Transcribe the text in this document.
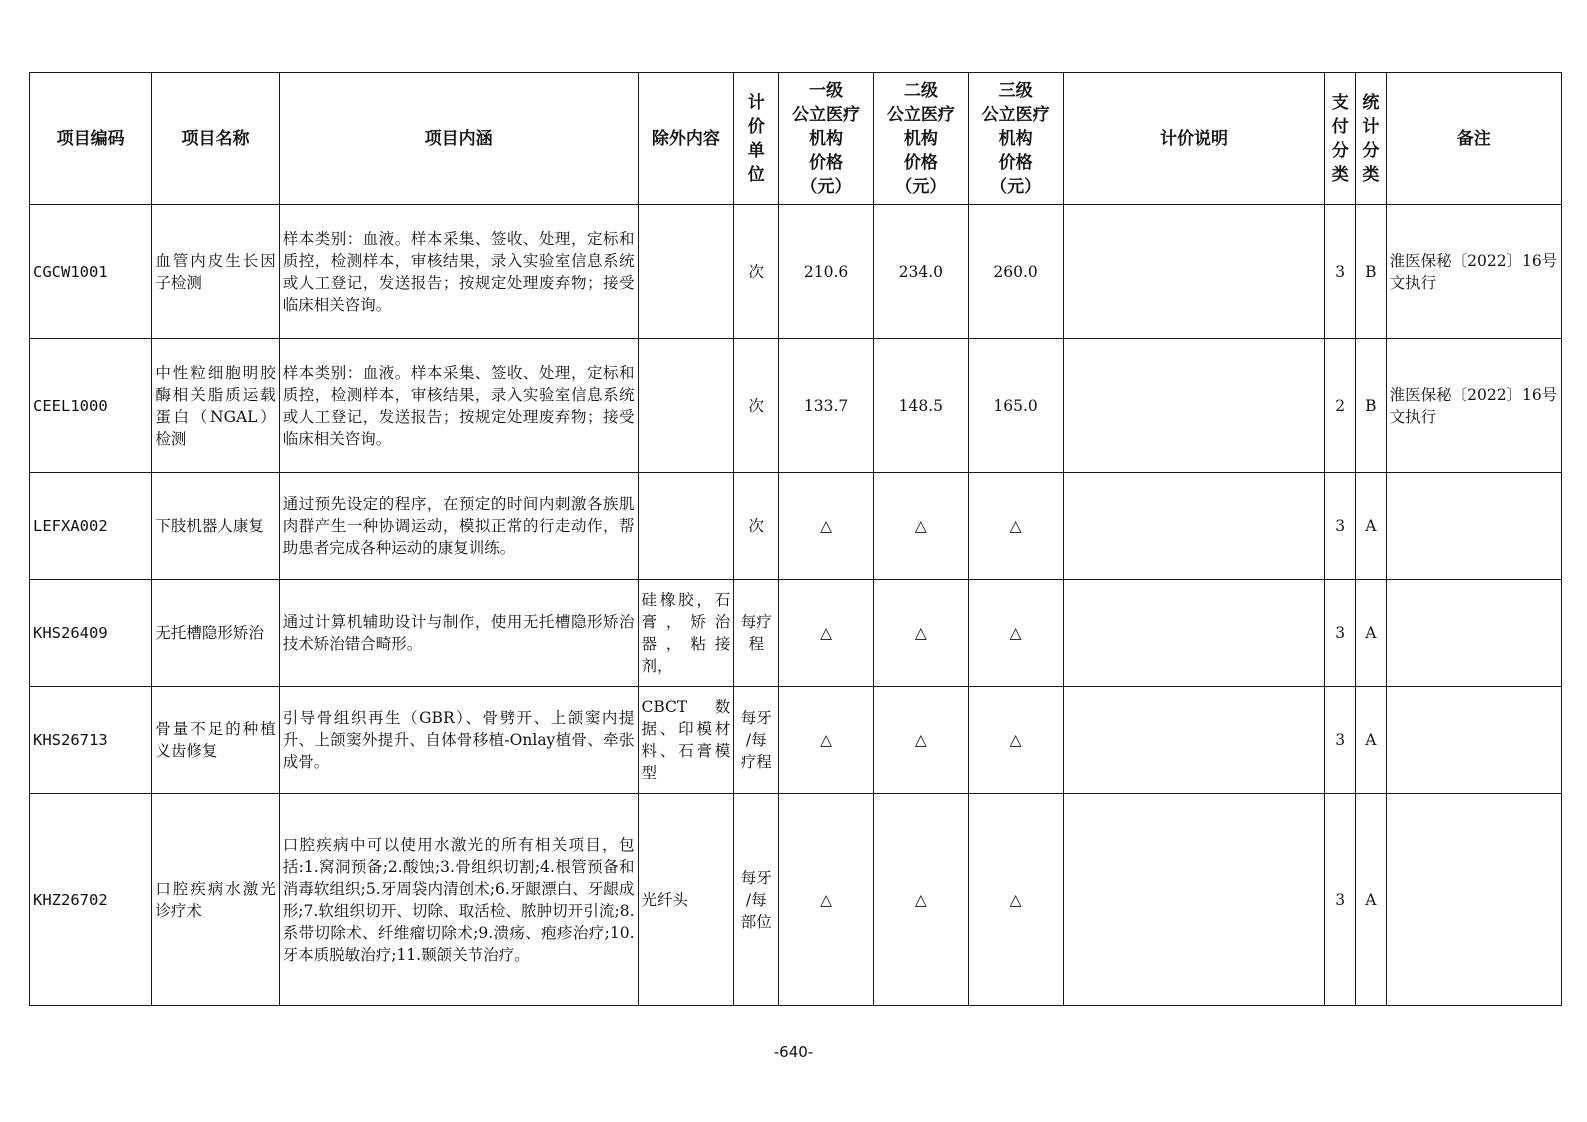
项目编码	项目名称	项目内涵	除外内容	计
价
单
位	一级
公立医疗
机构
价格
（元）	二级
公立医疗
机构
价格
（元）	三级
公立医疗
机构
价格
（元）	计价说明	支
付
分
类	统
计
分
类	备注
CGCW1001	血管内皮生长因子检测	样本类别：血液。样本采集、签收、处理，定标和质控，检测样本，审核结果，录入实验室信息系统或人工登记，发送报告；按规定处理废弃物；接受临床相关咨询。		次	210.6	234.0	260.0		3	B	淮医保秘〔2022〕16号文执行
CEEL1000	中性粒细胞明胶酶相关脂质运载蛋白（NGAL）检测	样本类别：血液。样本采集、签收、处理，定标和质控，检测样本，审核结果，录入实验室信息系统或人工登记，发送报告；按规定处理废弃物；接受临床相关咨询。		次	133.7	148.5	165.0		2	B	淮医保秘〔2022〕16号文执行
LEFXA002	下肢机器人康复	通过预先设定的程序，在预定的时间内刺激各族肌肉群产生一种协调运动，模拟正常的行走动作，帮助患者完成各种运动的康复训练。		次	△	△	△		3	A	
KHS26409	无托槽隐形矫治	通过计算机辅助设计与制作，使用无托槽隐形矫治技术矫治错合畸形。	硅橡胶，石膏，矫治器，粘接剂，	每疗
程	△	△	△		3	A	
KHS26713	骨量不足的种植义齿修复	引导骨组织再生（GBR）、骨劈开、上颌窦内提升、上颌窦外提升、自体骨移植-Onlay植骨、牵张成骨。	CBCT数据、印模材料、石膏模型	每牙
/每
疗程	△	△	△		3	A	
KHZ26702	口腔疾病水激光诊疗术	口腔疾病中可以使用水激光的所有相关项目，包括:1.窝洞预备;2.酸蚀;3.骨组织切割;4.根管预备和消毒软组织;5.牙周袋内清创术;6.牙龈漂白、牙龈成形;7.软组织切开、切除、取活检、脓肿切开引流;8.系带切除术、纤维瘤切除术;9.溃疡、疱疹治疗;10.牙本质脱敏治疗;11.颞颌关节治疗。	光纤头	每牙
/每
部位	△	△	△		3	A	
-640-
